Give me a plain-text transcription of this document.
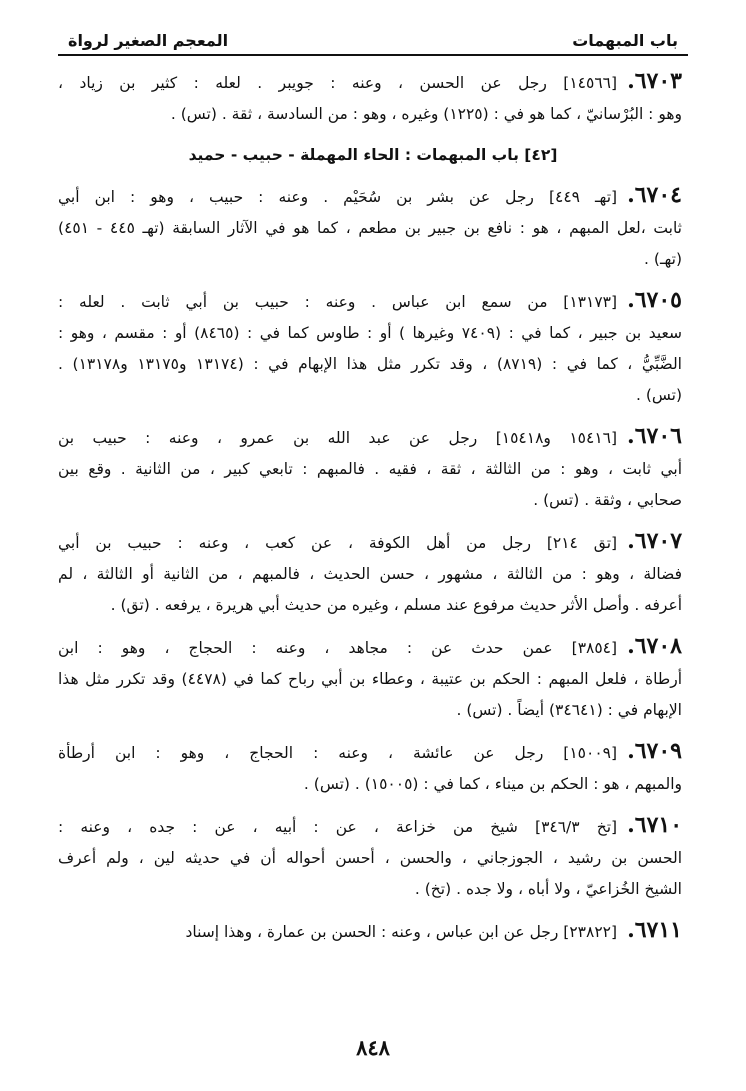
باب المبهمات
المعجم الصغير لرواة
٦٧٠٣.[١٤٥٦٦] رجل عن الحسن ، وعنه : جويبر . لعله : كثير بن زياد ،
وهو : البُرْسانيّ ، كما هو في : (١٢٢٥) وغيره ، وهو : من السادسة ، ثقة . (تس) .
[٤٢] باب المبهمات : الحاء المهملة - حبيب - حميد
٦٧٠٤.[تهـ ٤٤٩] رجل عن بشر بن سُحَيْم . وعنه : حبيب ، وهو : ابن أبي
ثابت ،لعل المبهم ، هو : نافع بن جبير بن مطعم ، كما هو في الآثار السابقة (تهـ ٤٤٥ - ٤٥١)
(تهـ) .
٦٧٠٥.[١٣١٧٣] من سمع ابن عباس . وعنه : حبيب بن أبي ثابت . لعله :
سعيد بن جبير ، كما في : (٧٤٠٩ وغيرها ) أو : طاوس كما في : (٨٤٦٥) أو : مقسم ، وهو :
الضَّبِّيُّ ، كما في : (٨٧١٩) ، وقد تكرر مثل هذا الإبهام في : (١٣١٧٤ و١٣١٧٥ و١٣١٧٨) .
(تس) .
٦٧٠٦.[١٥٤١٦ و١٥٤١٨] رجل عن عبد الله بن عمرو ، وعنه : حبيب بن
أبي ثابت ، وهو : من الثالثة ، ثقة ، فقيه . فالمبهم : تابعي كبير ، من الثانية . وقع بين
صحابي ، وثقة . (تس) .
٦٧٠٧.[تق ٢١٤] رجل من أهل الكوفة ، عن كعب ، وعنه : حبيب بن أبي
فضالة ، وهو : من الثالثة ، مشهور ، حسن الحديث ، فالمبهم ، من الثانية أو الثالثة ، لم
أعرفه . وأصل الأثر حديث مرفوع عند مسلم ، وغيره من حديث أبي هريرة ، يرفعه . (تق) .
٦٧٠٨.[٣٨٥٤] عمن حدث عن : مجاهد ، وعنه : الحجاج ، وهو : ابن
أرطاة ، فلعل المبهم : الحكم بن عتيبة ، وعطاء بن أبي رباح كما في (٤٤٧٨) وقد تكرر مثل هذا
الإبهام في : (٣٤٦٤١) أيضاً . (تس) .
٦٧٠٩.[١٥٠٠٩] رجل عن عائشة ، وعنه : الحجاج ، وهو : ابن أرطأة
والمبهم ، هو : الحكم بن ميناء ، كما في : (١٥٠٠٥) . (تس) .
٦٧١٠.[تخ ٣٤٦/٣] شيخ من خزاعة ، عن : أبيه ، عن : جده ، وعنه :
الحسن بن رشيد ، الجوزجاني ، والحسن ، أحسن أحواله أن في حديثه لين ، ولم أعرف
الشيخ الخُزاعيّ ، ولا أباه ، ولا جده . (تخ) .
٦٧١١.[٢٣٨٢٢] رجل عن ابن عباس ، وعنه : الحسن بن عمارة ، وهذا إسناد
٨٤٨
